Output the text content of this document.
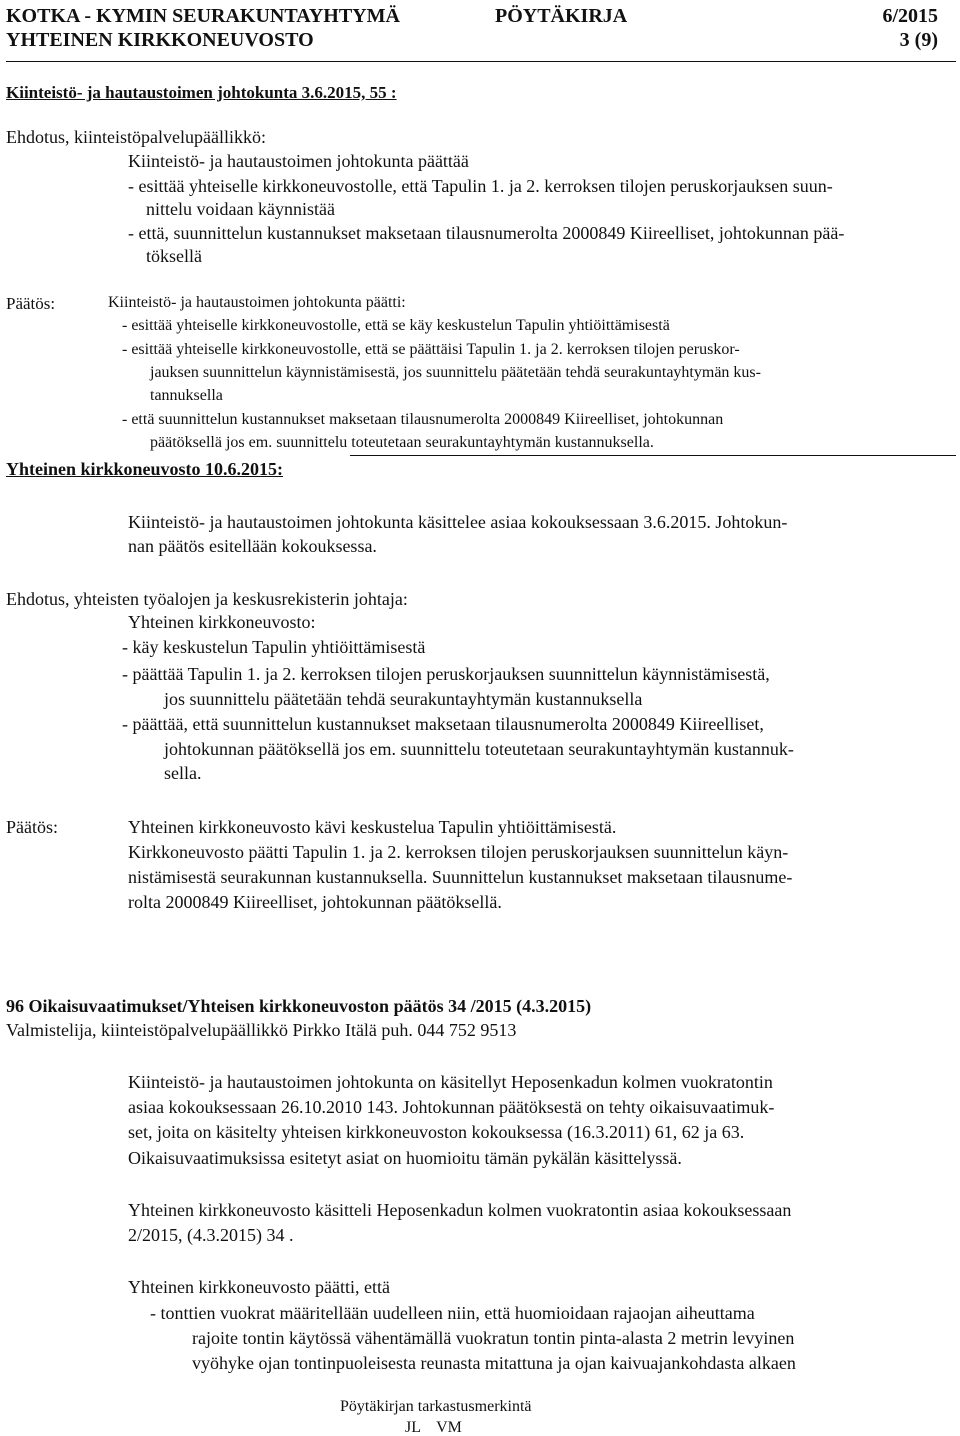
KOTKA - KYMIN SEURAKUNTAYHTYMÄ	PÖYTÄKIRJA	6/2015
YHTEINEN KIRKKONEUVOSTO	3 (9)
Kiinteistö- ja hautaustoimen johtokunta 3.6.2015, 55 :
Ehdotus, kiinteistöpalvelupäällikkö:
Kiinteistö- ja hautaustoimen johtokunta päättää
- esittää yhteiselle kirkkoneuvostolle, että Tapulin 1. ja 2. kerroksen tilojen peruskorjauksen suun-
nittelu voidaan käynnistää
- että, suunnittelun kustannukset maksetaan tilausnumerolta 2000849 Kiireelliset, johtokunnan pää-
töksellä
Päätös:	Kiinteistö- ja hautaustoimen johtokunta päätti:
- esittää yhteiselle kirkkoneuvostolle, että se käy keskustelun Tapulin yhtiöittämisestä
- esittää yhteiselle kirkkoneuvostolle, että se päättäisi Tapulin 1. ja 2. kerroksen tilojen peruskor-
jauksen suunnittelun käynnistämisestä, jos suunnittelu päätetään tehdä seurakuntayhtymän kus-
tannuksella
- että suunnittelun kustannukset maksetaan tilausnumerolta 2000849 Kiireelliset, johtokunnan
päätöksellä jos em. suunnittelu toteutetaan seurakuntayhtymän kustannuksella.
Yhteinen kirkkoneuvosto 10.6.2015:
Kiinteistö- ja hautaustoimen johtokunta käsittelee asiaa kokouksessaan 3.6.2015. Johtokun-
nan päätös esitellään kokouksessa.
Ehdotus, yhteisten työalojen ja keskusrekisterin johtaja:
Yhteinen kirkkoneuvosto:
- käy keskustelun Tapulin yhtiöittämisestä
- päättää Tapulin 1. ja 2. kerroksen tilojen peruskorjauksen suunnittelun käynnistämisestä,
jos suunnittelu päätetään tehdä seurakuntayhtymän kustannuksella
- päättää, että suunnittelun kustannukset maksetaan tilausnumerolta 2000849 Kiireelliset,
johtokunnan päätöksellä jos em. suunnittelu toteutetaan seurakuntayhtymän kustannuk-
sella.
Päätös:	Yhteinen kirkkoneuvosto kävi keskustelua Tapulin yhtiöittämisestä.
Kirkkoneuvosto päätti Tapulin 1. ja 2. kerroksen tilojen peruskorjauksen suunnittelun käyn-
nistämisestä seurakunnan kustannuksella. Suunnittelun kustannukset maksetaan tilausnume-
rolta 2000849 Kiireelliset, johtokunnan päätöksellä.
96 Oikaisuvaatimukset/Yhteisen kirkkoneuvoston päätös 34 /2015 (4.3.2015)
Valmistelija, kiinteistöpalvelupäällikkö Pirkko Itälä puh. 044 752 9513
Kiinteistö- ja hautaustoimen johtokunta on käsitellyt Heposenkadun kolmen vuokratontin
asiaa kokouksessaan 26.10.2010 143. Johtokunnan päätöksestä on tehty oikaisuvaatimuk-
set, joita on käsitelty yhteisen kirkkoneuvoston kokouksessa (16.3.2011) 61, 62 ja 63.
Oikaisuvaatimuksissa esitetyt asiat on huomioitu tämän pykälän käsittelyssä.
Yhteinen kirkkoneuvosto käsitteli Heposenkadun kolmen vuokratontin asiaa kokouksessaan
2/2015, (4.3.2015) 34 .
Yhteinen kirkkoneuvosto päätti, että
- tonttien vuokrat määritellään uudelleen niin, että huomioidaan rajaojan aiheuttama
rajoite tontin käytössä vähentämällä vuokratun tontin pinta-alasta 2 metrin levyinen
vyöhyke ojan tontinpuoleisesta reunasta mitattuna ja ojan kaivuajankohdasta alkaen
Pöytäkirjan tarkastusmerkintä
JL    VM
